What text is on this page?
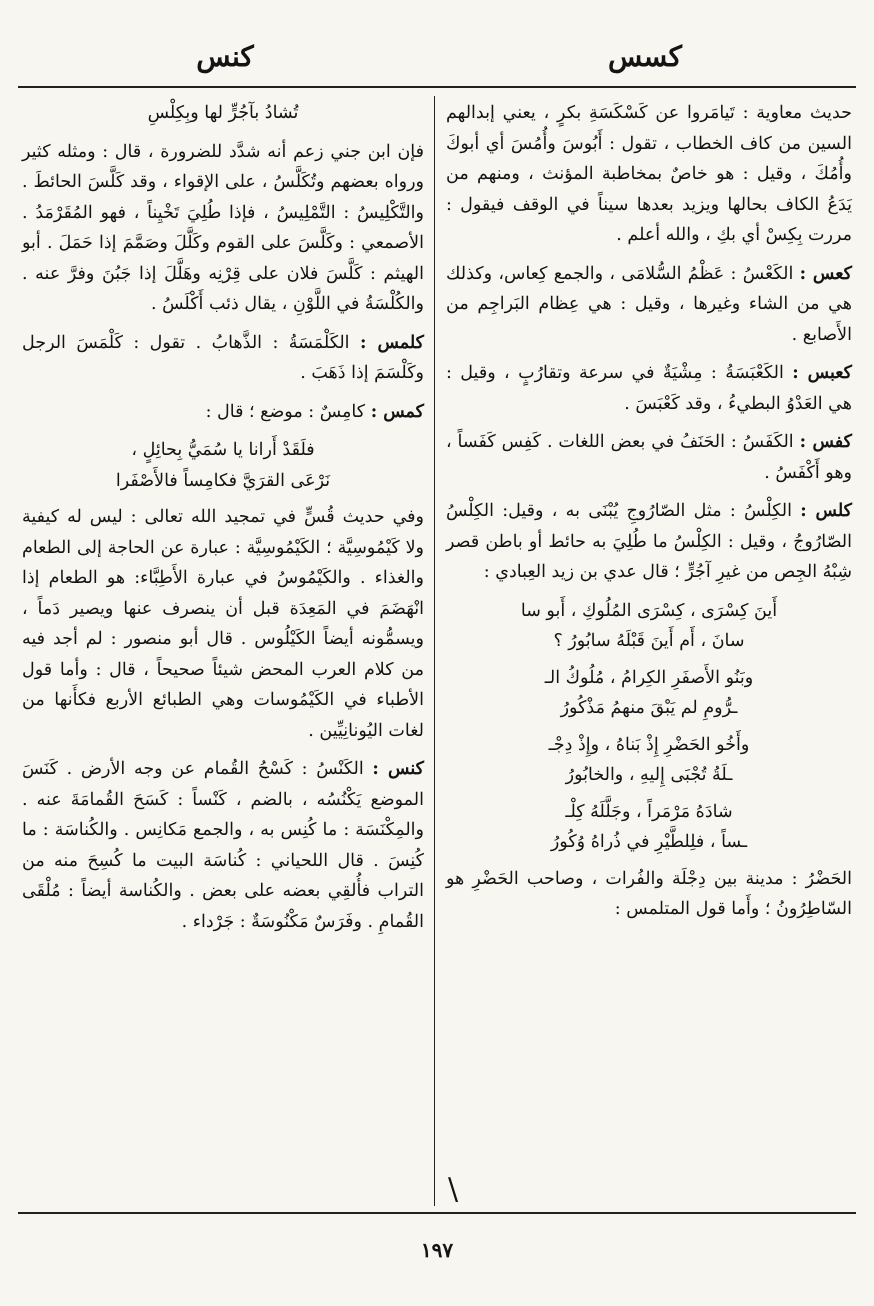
كسس
كنس

حديث معاوية : تَيامَروا عن كَسْكَسَةِ بكرٍ ، يعني إبدالهم السين من كاف الخطاب ، تقول : أَبُوسَ وأُمُسَ أي أبوكَ وأُمُكَ ، وقيل : هو خاصٌ بمخاطبة المؤنث ، ومنهم من يَدَعُ الكاف بحالها ويزيد بعدها سيناً في الوقف فيقول : مررت بِكِسْ أي بكِ ، والله أعلم .

كعس : الكَعْسُ : عَظْمُ السُّلامَى ، والجمع كِعاس، وكذلك هي من الشاء وغيرها ، وقيل : هي عِظام البَراجِم من الأَصابع .

كعبس : الكَعْبَسَةُ : مِشْيَةٌ في سرعة وتقارُبٍ ، وقيل : هي العَدْوُ البطيءُ ، وقد كَعْبَسَ .

كفس : الكَفَسُ : الحَنَفُ في بعض اللغات . كَفِس كَفَساً ، وهو أَكْفَسُ .

كلس : الكِلْسُ : مثل الصّارُوجِ يُبْنَى به ، وقيل: الكِلْسُ الصّارُوجُ ، وقيل : الكِلْسُ ما طُلِيَ به حائط أو باطن قصر شِبْهُ الجِص من غيرِ آجُرٍّ ؛ قال عدي بن زيد العِبادي :

أَينَ كِسْرَى ، كِسْرَى المُلُوكِ ، أَبو سا
سانَ ، أَم أَينَ قَبْلَهُ سابُورُ ؟
وبَنُو الأَصفَرِ الكِرامُ ، مُلُوكُ الـ
ـرُّومِ لم يَبْقَ منهمُ مَذْكُورُ
وأَخُو الحَضْرِ إِذْ بَناهُ ، وإِذْ دِجْـ
ـلَةُ تُجْبَى إِليهِ ، والخابُورُ
شادَهُ مَرْمَراً ، وجَلَّلَهُ كِلْـ
ـساً ، فلِلطَّيْرِ في ذُراهُ وُكُورُ

الحَضْرُ : مدينة بين دِجْلَة والفُرات ، وصاحب الحَضْرِ هو السّاطِرُونُ ؛ وأَما قول المتلمس :

\

تُشادُ بآجُرٍّ لها وبِكِلْسِ

فإن ابن جني زعم أنه شدَّد للضرورة ، قال : ومثله كثير ورواه بعضهم وتُكَلَّسُ ، على الإقواء ، وقد كَلَّسَ الحائطَ . والتَّكْلِيسُ : التَّمْلِيسُ ، فإذا طُلِيَ تَخْيِناً ، فهو المُقَرْمَدُ . الأصمعي : وكَلَّسَ على القوم وكَلَّلَ وصَمَّمَ إذا حَمَلَ . أبو الهيثم : كَلَّسَ فلان على قِرْنِه وهَلَّلَ إذا جَبُنَ وفرَّ عنه . والكُلْسَةُ في اللَّوْنِ ، يقال ذئب أَكْلَسُ .

كلمس : الكَلْمَسَةُ : الذَّهابُ . تقول : كَلْمَسَ الرجل وكَلْسَمَ إذا ذَهَبَ .

كمس : كامِسٌ : موضع ؛ قال :

فلَقَدْ أَرانا يا سُمَيُّ بِحائِلٍ ،
نَرْعَى القرَيَّ فكامِساً فالأَصْفَرا

وفي حديث قُسٍّ في تمجيد الله تعالى : ليس له كيفية ولا كَيْمُوسِيَّة ؛ الكَيْمُوسِيَّة : عبارة عن الحاجة إلى الطعام والغذاء . والكَيْمُوسُ في عبارة الأَطِبَّاء: هو الطعام إذا انْهَضَمَ في المَعِدَة قبل أن ينصرف عنها ويصير دَماً ، ويسمُّونه أيضاً الكَيْلُوس . قال أبو منصور : لم أجد فيه من كلام العرب المحض شيئاً صحيحاً ، قال : وأما قول الأطباء في الكَيْمُوسات وهي الطبائع الأربع فكأَنها من لغات اليُونانِيِّين .

كنس : الكَنْسُ : كَسْحُ القُمام عن وجه الأرض . كَنَسَ الموضع يَكْنُسُه ، بالضم ، كَنْساً : كَسَحَ القُمامَةَ عنه . والمِكْنَسَة : ما كُنِس به ، والجمع مَكانِس . والكُناسَة : ما كُنِسَ . قال اللحياني : كُناسَة البيت ما كُسِحَ منه من التراب فأُلقِي بعضه على بعض . والكُناسة أيضاً : مُلْقَى القُمامِ . وفَرَسٌ مَكْنُوسَةٌ : جَرْداء .

١٩٧
